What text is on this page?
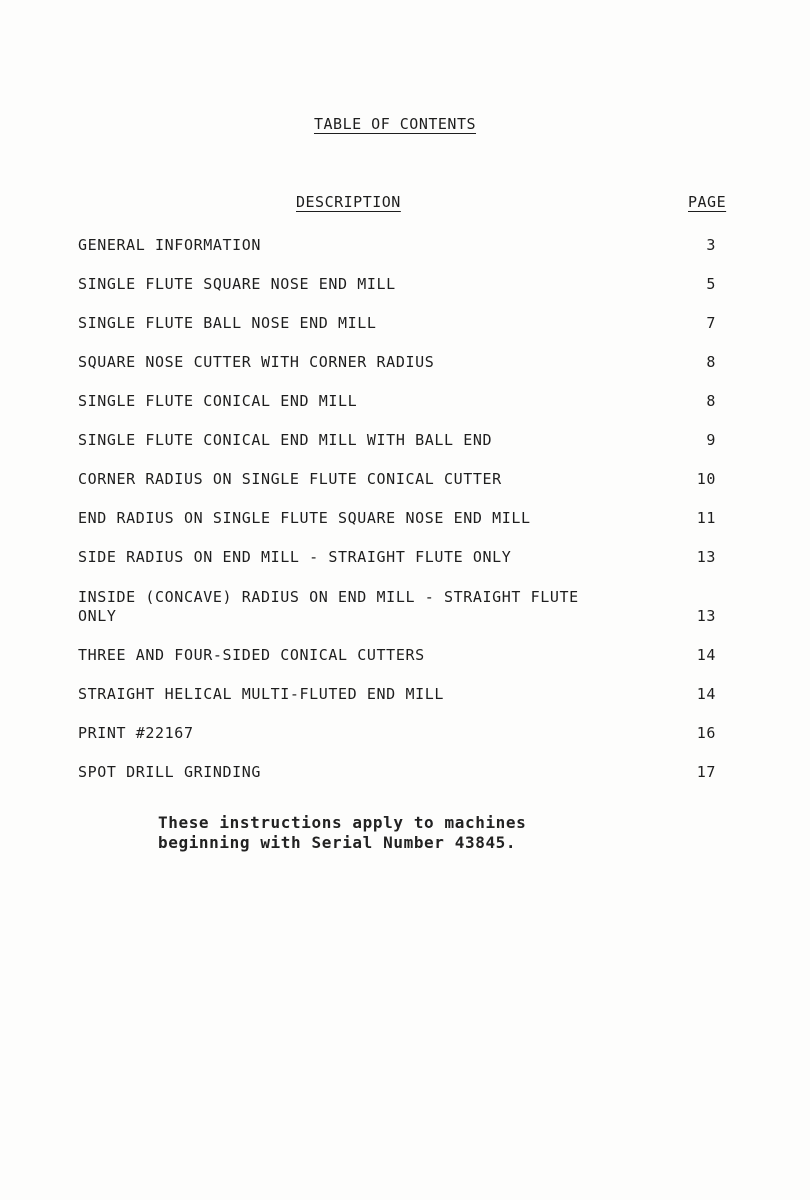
TABLE OF CONTENTS
DESCRIPTION	PAGE
GENERAL INFORMATION	3
SINGLE FLUTE SQUARE NOSE END MILL	5
SINGLE FLUTE BALL NOSE END MILL	7
SQUARE NOSE CUTTER WITH CORNER RADIUS	8
SINGLE FLUTE CONICAL END MILL	8
SINGLE FLUTE CONICAL END MILL WITH BALL END	9
CORNER RADIUS ON SINGLE FLUTE CONICAL CUTTER	10
END RADIUS ON SINGLE FLUTE SQUARE NOSE END MILL	11
SIDE RADIUS ON END MILL - STRAIGHT FLUTE ONLY	13
INSIDE (CONCAVE) RADIUS ON END MILL - STRAIGHT FLUTE ONLY	13
THREE AND FOUR-SIDED CONICAL CUTTERS	14
STRAIGHT HELICAL MULTI-FLUTED END MILL	14
PRINT #22167	16
SPOT DRILL GRINDING	17
These instructions apply to machines
beginning with Serial Number 43845.
